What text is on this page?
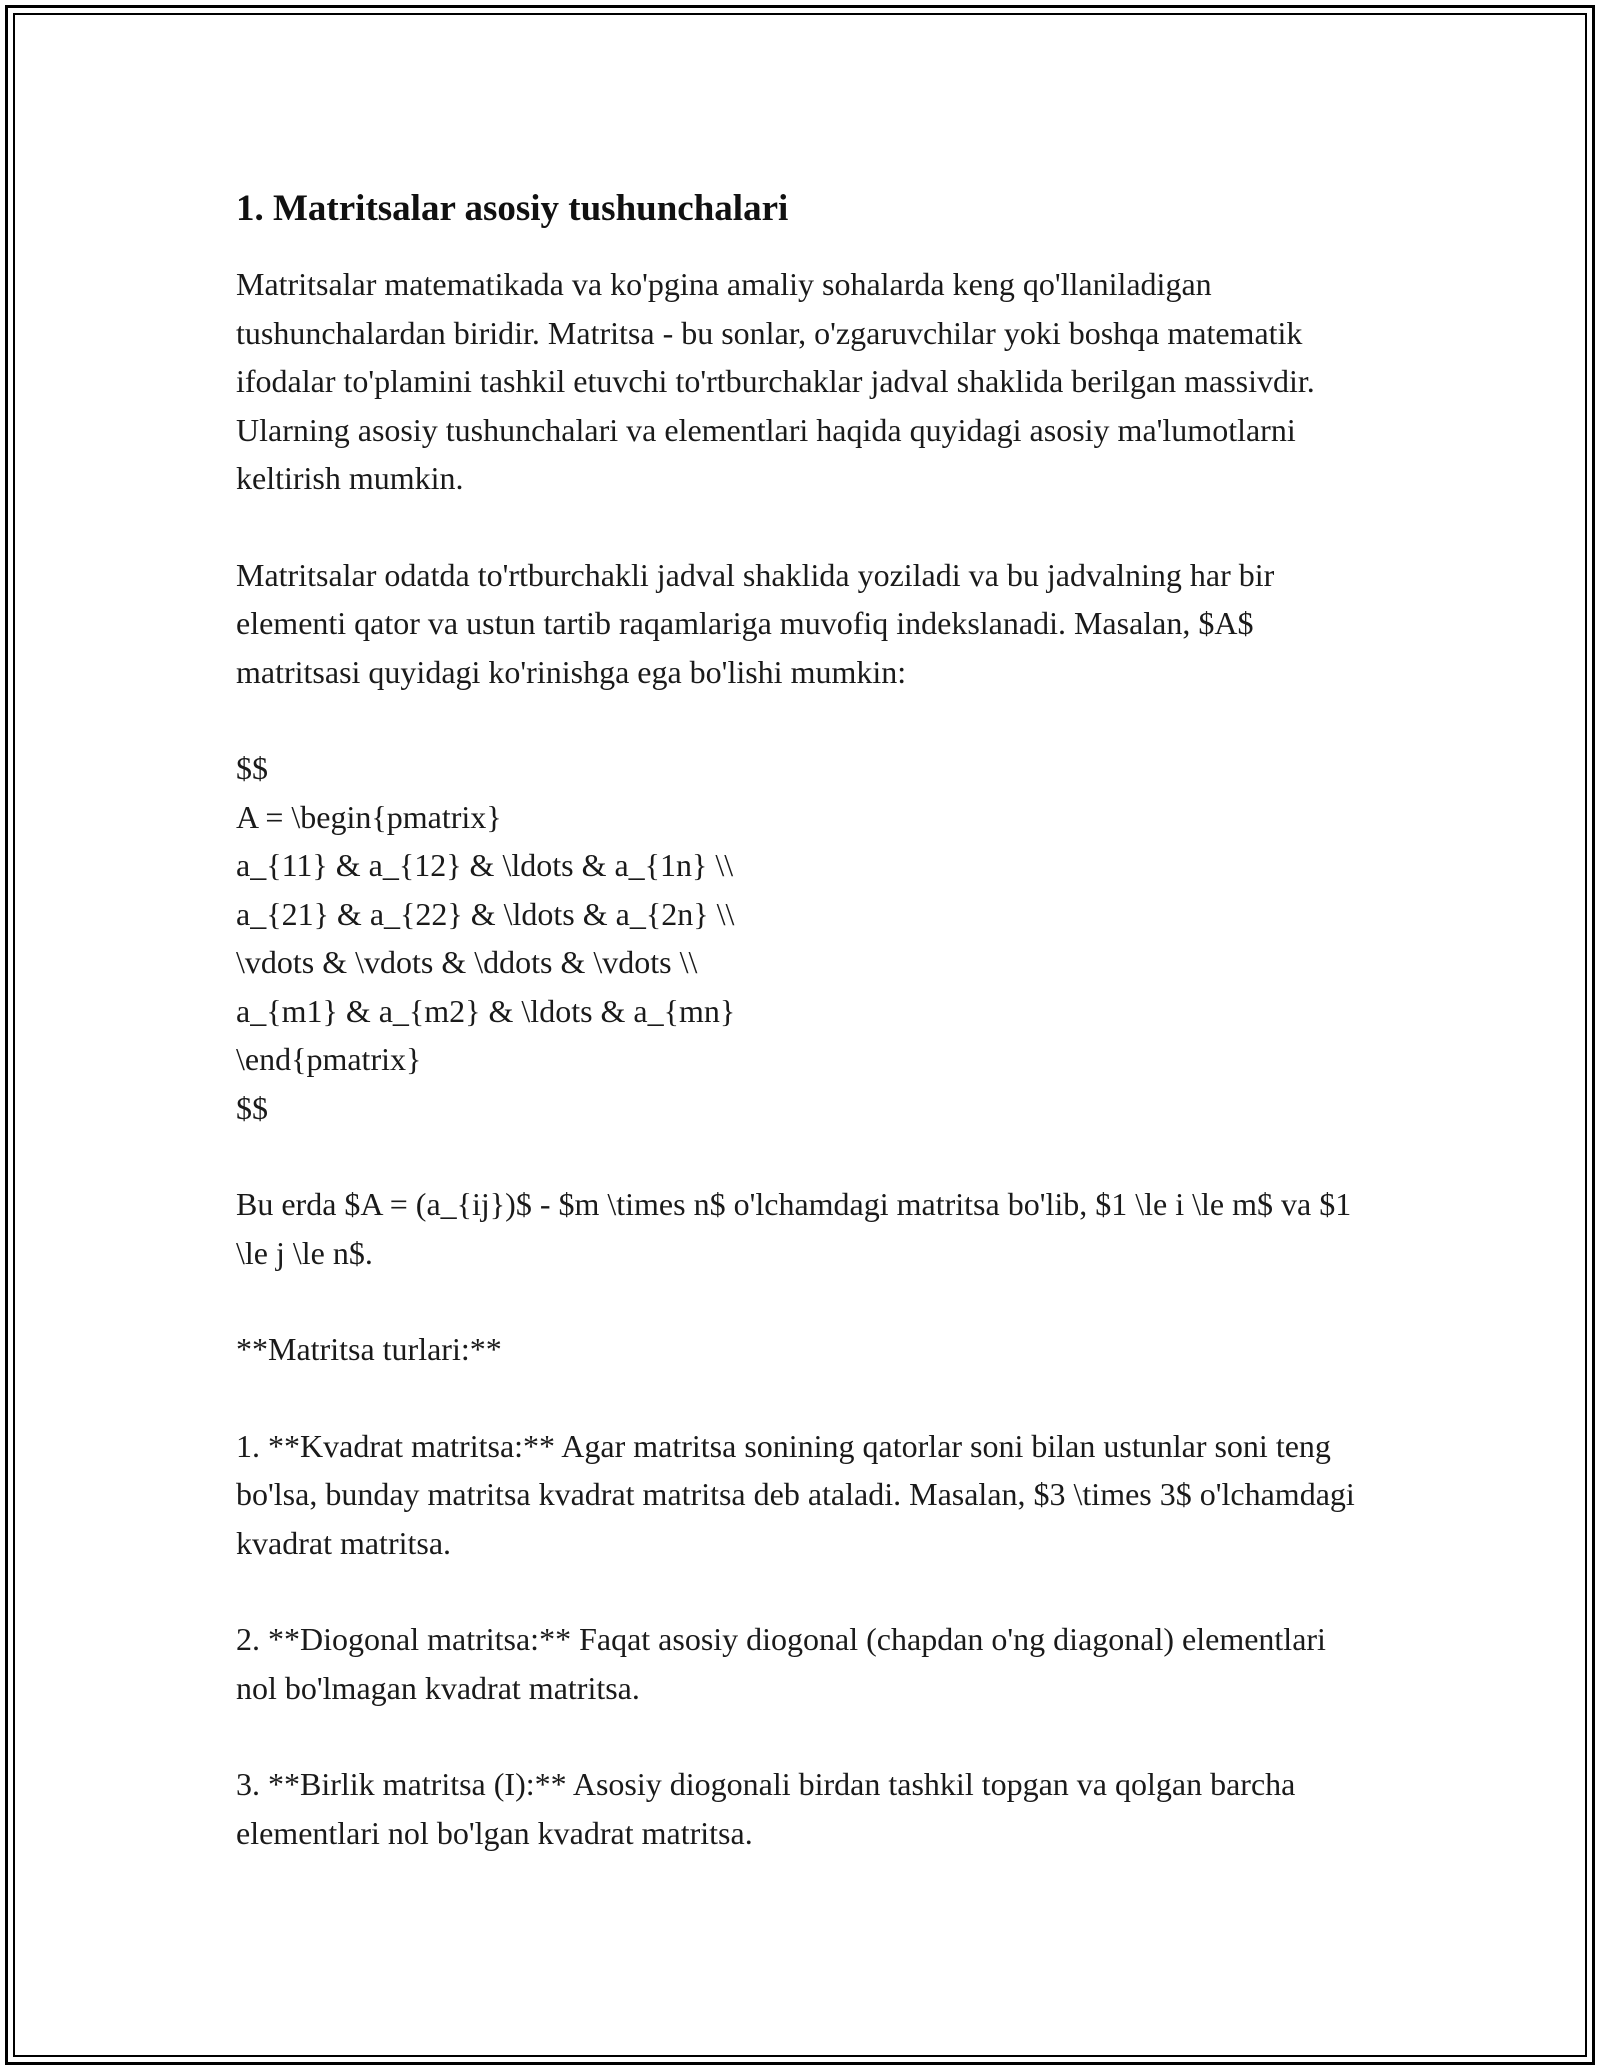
1. Matritsalar asosiy tushunchalari

Matritsalar matematikada va ko'pgina amaliy sohalarda keng qo'llaniladigan tushunchalardan biridir. Matritsa - bu sonlar, o'zgaruvchilar yoki boshqa matematik ifodalar to'plamini tashkil etuvchi to'rtburchaklar jadval shaklida berilgan massivdir. Ularning asosiy tushunchalari va elementlari haqida quyidagi asosiy ma'lumotlarni keltirish mumkin.

Matritsalar odatda to'rtburchakli jadval shaklida yoziladi va bu jadvalning har bir elementi qator va ustun tartib raqamlariga muvofiq indekslanadi. Masalan, $A$ matritsasi quyidagi ko'rinishga ega bo'lishi mumkin:

$$
A = \begin{pmatrix}
a_{11} & a_{12} & \ldots & a_{1n} \\
a_{21} & a_{22} & \ldots & a_{2n} \\
\vdots & \vdots & \ddots & \vdots \\
a_{m1} & a_{m2} & \ldots & a_{mn}
\end{pmatrix}
$$

Bu erda $A = (a_{ij})$ - $m \times n$ o'lchamdagi matritsa bo'lib, $1 \le i \le m$ va $1 \le j \le n$.

**Matritsa turlari:**

1. **Kvadrat matritsa:** Agar matritsa sonining qatorlar soni bilan ustunlar soni teng bo'lsa, bunday matritsa kvadrat matritsa deb ataladi. Masalan, $3 \times 3$ o'lchamdagi kvadrat matritsa.

2. **Diogonal matritsa:** Faqat asosiy diogonal (chapdan o'ng diagonal) elementlari nol bo'lmagan kvadrat matritsa.

3. **Birlik matritsa (I):** Asosiy diogonali birdan tashkil topgan va qolgan barcha elementlari nol bo'lgan kvadrat matritsa.
